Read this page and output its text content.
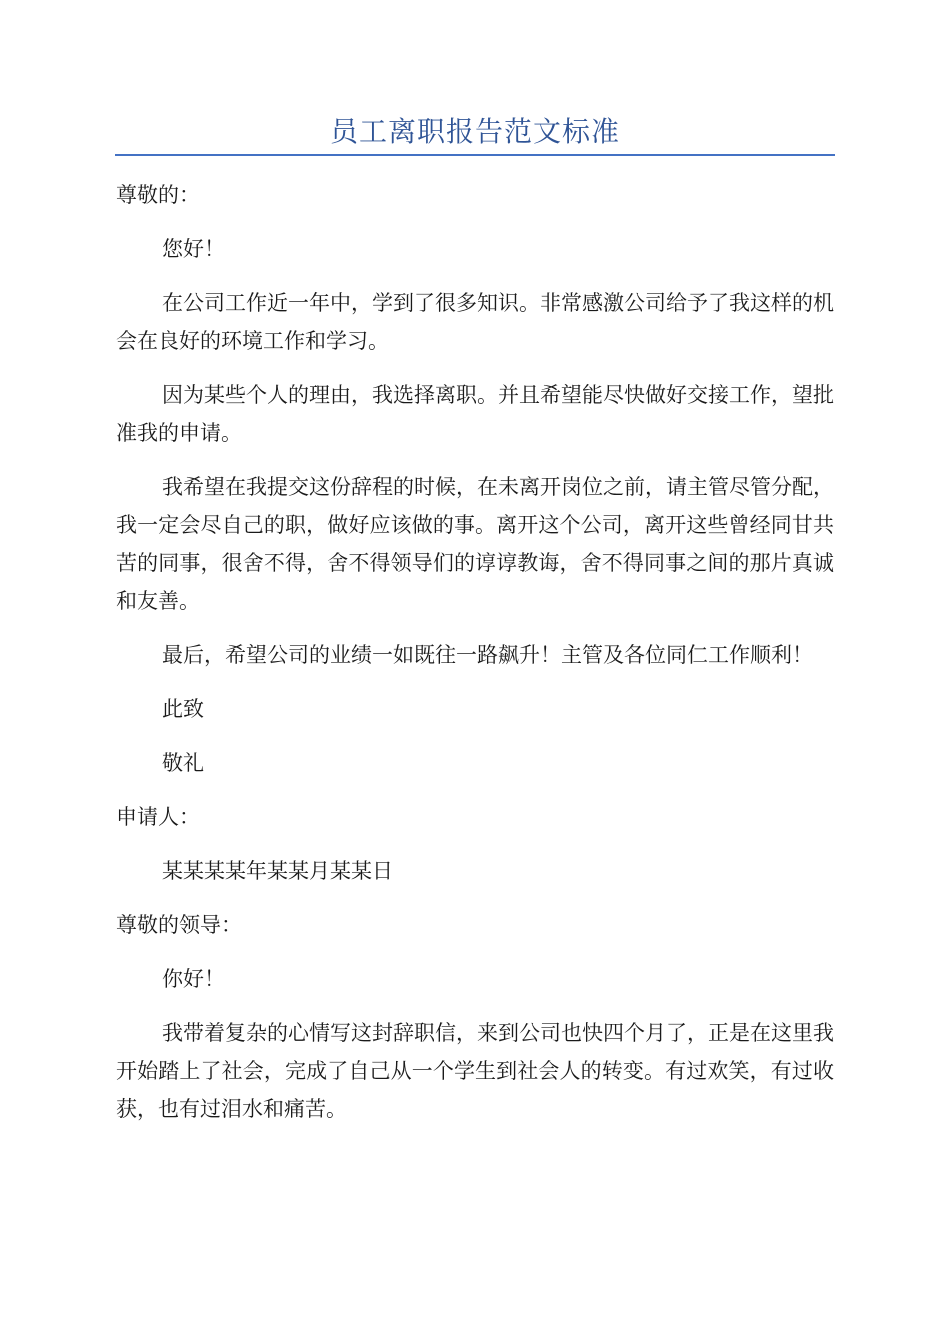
员工离职报告范文标准

尊敬的：

您好！

在公司工作近一年中，学到了很多知识。非常感激公司给予了我这样的机会在良好的环境工作和学习。

因为某些个人的理由，我选择离职。并且希望能尽快做好交接工作，望批准我的申请。

我希望在我提交这份辞程的时候，在未离开岗位之前，请主管尽管分配，我一定会尽自己的职，做好应该做的事。离开这个公司，离开这些曾经同甘共苦的同事，很舍不得，舍不得领导们的谆谆教诲，舍不得同事之间的那片真诚和友善。

最后，希望公司的业绩一如既往一路飙升！主管及各位同仁工作顺利！

此致

敬礼

申请人：

某某某某年某某月某某日

尊敬的领导：

你好！

我带着复杂的心情写这封辞职信，来到公司也快四个月了，正是在这里我开始踏上了社会，完成了自己从一个学生到社会人的转变。有过欢笑，有过收获，也有过泪水和痛苦。
